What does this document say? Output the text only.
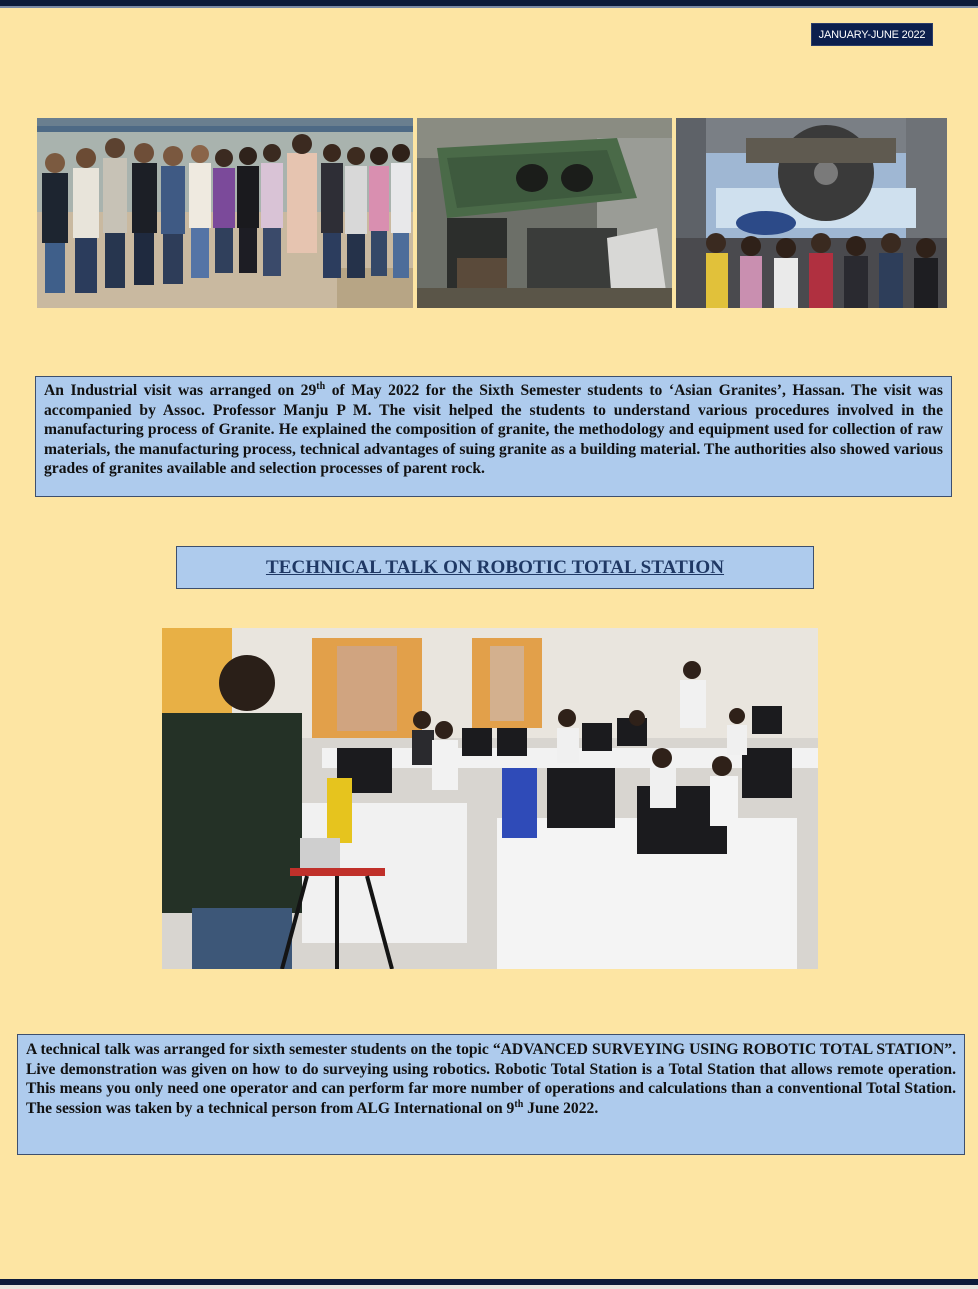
JANUARY-JUNE 2022
An Industrial visit was arranged on 29th of May 2022 for the Sixth Semester students to ‘Asian Granites’, Hassan. The visit was accompanied by Assoc. Professor Manju P M. The visit helped the students to understand various procedures involved in the manufacturing process of Granite. He explained the composition of granite, the methodology and equipment used for collection of raw materials, the manufacturing process, technical advantages of suing granite as a building material. The authorities also showed various grades of granites available and selection processes of parent rock.
TECHNICAL TALK ON ROBOTIC TOTAL STATION
A technical talk was arranged for sixth semester students on the topic “ADVANCED SURVEYING USING ROBOTIC TOTAL STATION”. Live demonstration was given on how to do surveying using robotics. Robotic Total Station is a Total Station that allows remote operation. This means you only need one operator and can perform far more number of operations and calculations than a conventional Total Station. The session was taken by a technical person from ALG International on 9th June 2022.
